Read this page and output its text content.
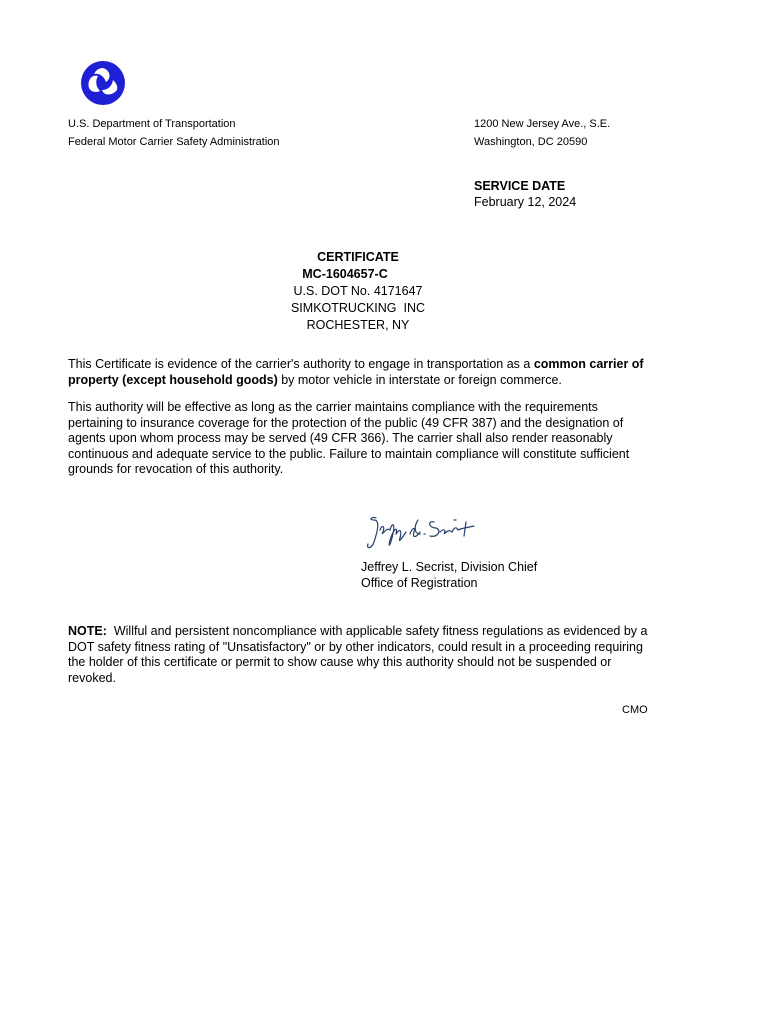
U.S. Department of Transportation
Federal Motor Carrier Safety Administration
1200 New Jersey Ave., S.E.
Washington, DC 20590
SERVICE DATE
February 12, 2024
CERTIFICATE
MC-1604657-C
U.S. DOT No. 4171647
SIMKOTRUCKING  INC
ROCHESTER, NY
This Certificate is evidence of the carrier's authority to engage in transportation as a common carrier of
property (except household goods) by motor vehicle in interstate or foreign commerce.
This authority will be effective as long as the carrier maintains compliance with the requirements
pertaining to insurance coverage for the protection of the public (49 CFR 387) and the designation of
agents upon whom process may be served (49 CFR 366). The carrier shall also render reasonably
continuous and adequate service to the public. Failure to maintain compliance will constitute sufficient
grounds for revocation of this authority.
Jeffrey L. Secrist, Division Chief
Office of Registration
NOTE:  Willful and persistent noncompliance with applicable safety fitness regulations as evidenced by a
DOT safety fitness rating of "Unsatisfactory" or by other indicators, could result in a proceeding requiring
the holder of this certificate or permit to show cause why this authority should not be suspended or
revoked.
CMO
